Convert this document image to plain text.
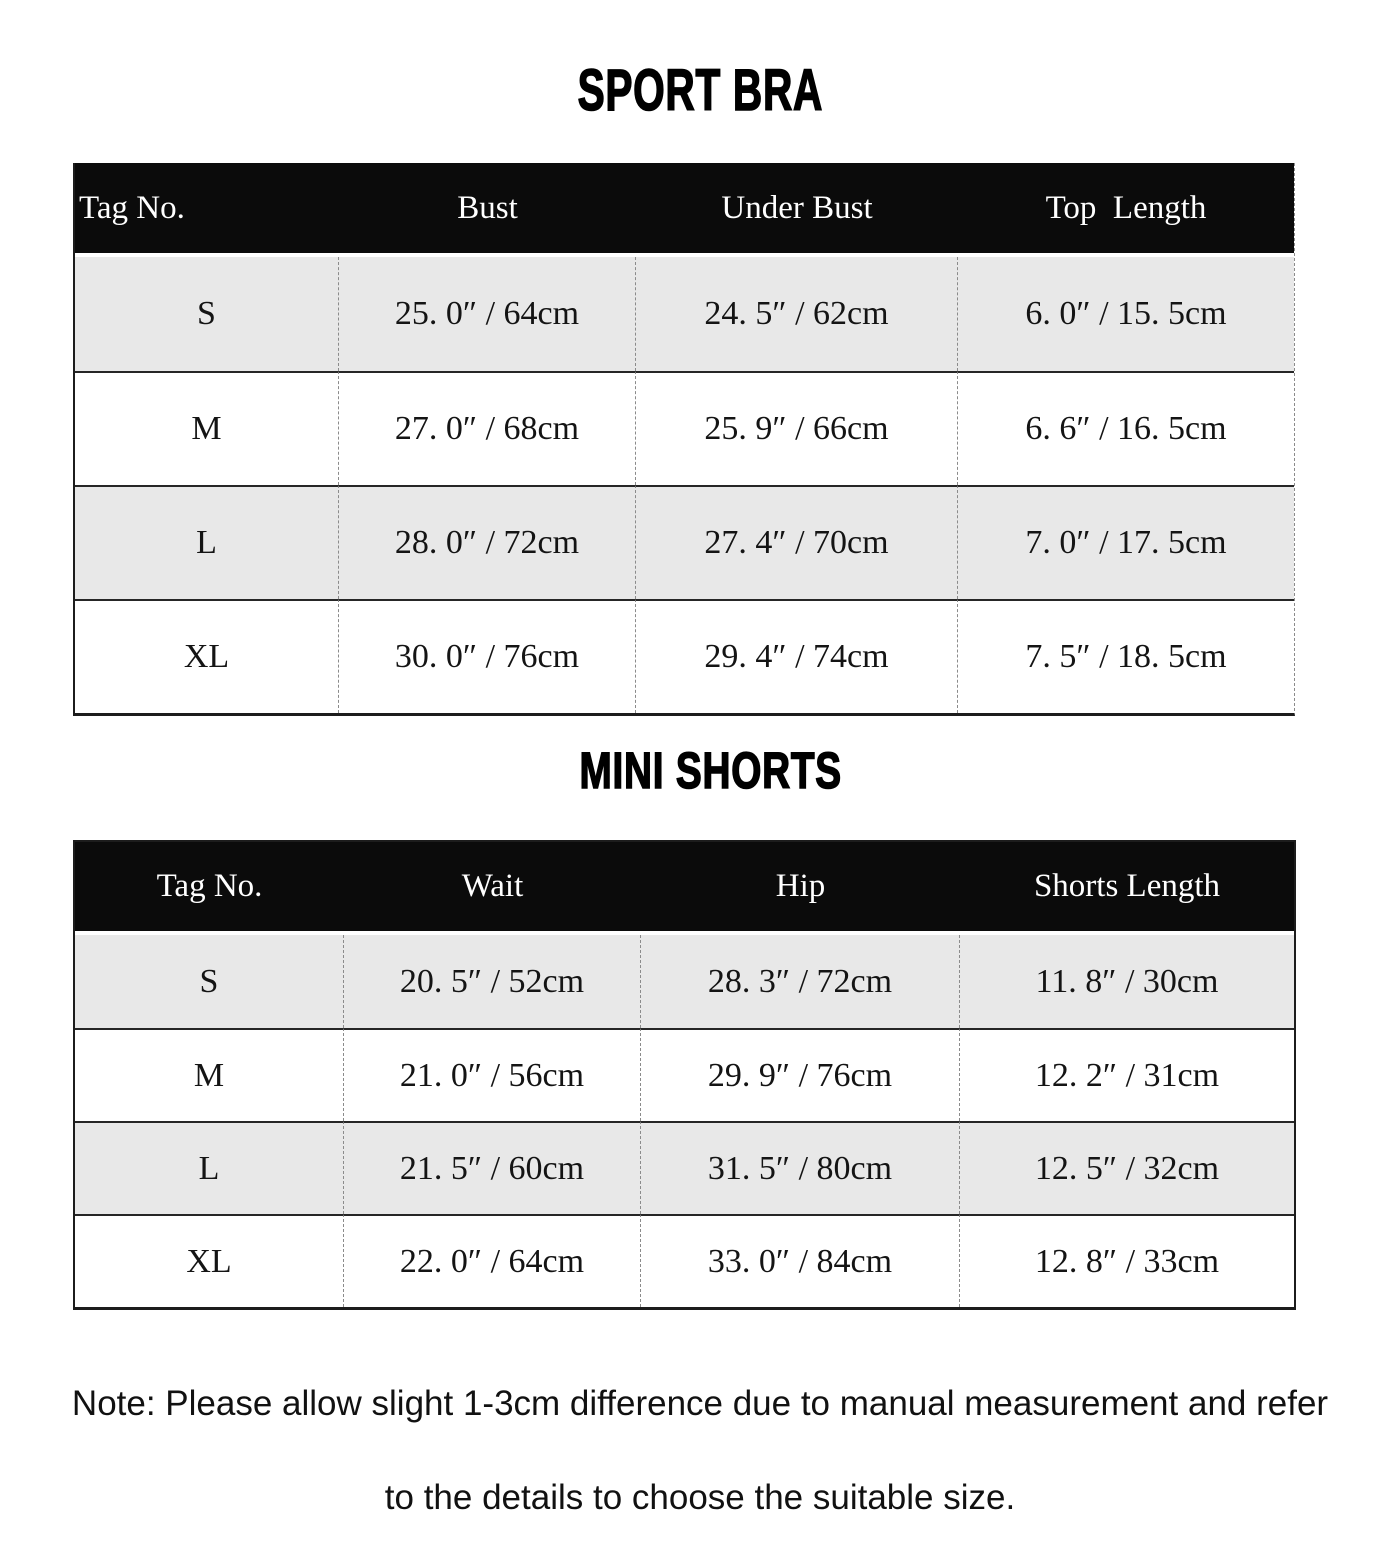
SPORT BRA
Tag No.	Bust	Under Bust	Top  Length
S	25. 0″ / 64cm	24. 5″ / 62cm	6. 0″ / 15. 5cm
M	27. 0″ / 68cm	25. 9″ / 66cm	6. 6″ / 16. 5cm
L	28. 0″ / 72cm	27. 4″ / 70cm	7. 0″ / 17. 5cm
XL	30. 0″ / 76cm	29. 4″ / 74cm	7. 5″ / 18. 5cm
MINI SHORTS
Tag No.	Wait	Hip	Shorts Length
S	20. 5″ / 52cm	28. 3″ / 72cm	11. 8″ / 30cm
M	21. 0″ / 56cm	29. 9″ / 76cm	12. 2″ / 31cm
L	21. 5″ / 60cm	31. 5″ / 80cm	12. 5″ / 32cm
XL	22. 0″ / 64cm	33. 0″ / 84cm	12. 8″ / 33cm
Note: Please allow slight 1-3cm difference due to manual measurement and refer
to the details to choose the suitable size.
